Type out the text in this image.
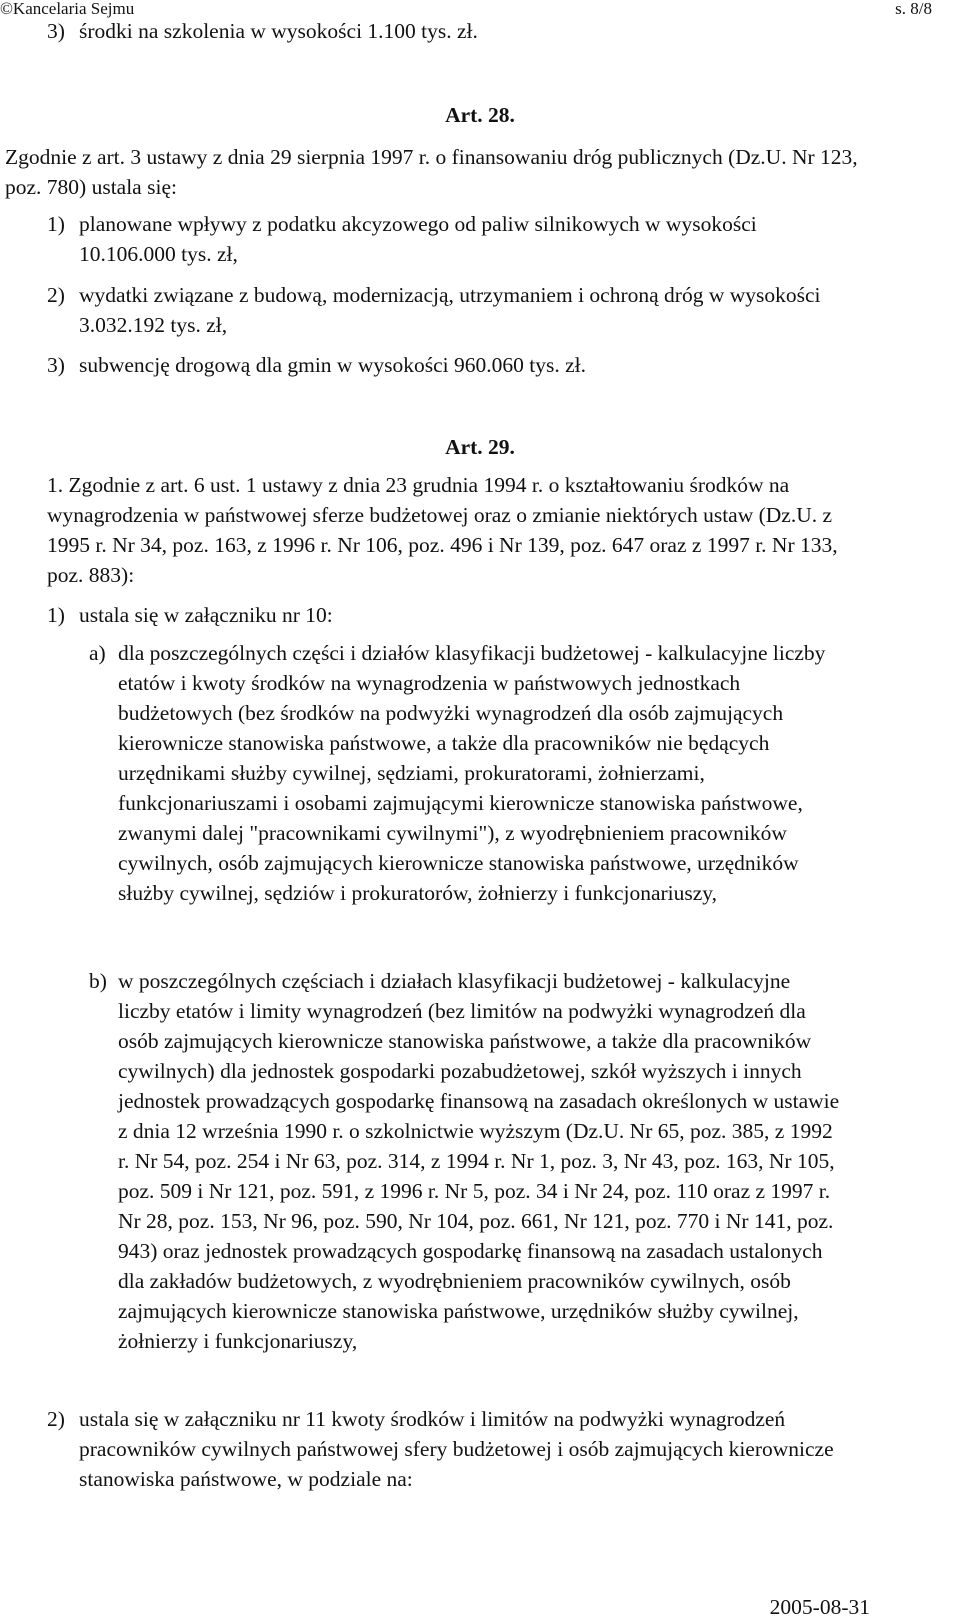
©Kancelaria Sejmu	s. 8/8
3) środki na szkolenia w wysokości 1.100 tys. zł.
Art. 28.
Zgodnie z art. 3 ustawy z dnia 29 sierpnia 1997 r. o finansowaniu dróg publicznych (Dz.U. Nr 123, poz. 780) ustala się:
1) planowane wpływy z podatku akcyzowego od paliw silnikowych w wysokości 10.106.000 tys. zł,
2) wydatki związane z budową, modernizacją, utrzymaniem i ochroną dróg w wysokości 3.032.192 tys. zł,
3) subwencję drogową dla gmin w wysokości 960.060 tys. zł.
Art. 29.
1. Zgodnie z art. 6 ust. 1 ustawy z dnia 23 grudnia 1994 r. o kształtowaniu środków na wynagrodzenia w państwowej sferze budżetowej oraz o zmianie niektórych ustaw (Dz.U. z 1995 r. Nr 34, poz. 163, z 1996 r. Nr 106, poz. 496 i Nr 139, poz. 647 oraz z 1997 r. Nr 133, poz. 883):
1) ustala się w załączniku nr 10:
a) dla poszczególnych części i działów klasyfikacji budżetowej - kalkulacyjne liczby etatów i kwoty środków na wynagrodzenia w państwowych jednostkach budżetowych (bez środków na podwyżki wynagrodzeń dla osób zajmujących kierownicze stanowiska państwowe, a także dla pracowników nie będących urzędnikami służby cywilnej, sędziami, prokuratorami, żołnierzami, funkcjonariuszami i osobami zajmującymi kierownicze stanowiska państwowe, zwanymi dalej "pracownikami cywilnymi"), z wyodrębnieniem pracowników cywilnych, osób zajmujących kierownicze stanowiska państwowe, urzędników służby cywilnej, sędziów i prokuratorów, żołnierzy i funkcjonariuszy,
b) w poszczególnych częściach i działach klasyfikacji budżetowej - kalkulacyjne liczby etatów i limity wynagrodzeń (bez limitów na podwyżki wynagrodzeń dla osób zajmujących kierownicze stanowiska państwowe, a także dla pracowników cywilnych) dla jednostek gospodarki pozabudżetowej, szkół wyższych i innych jednostek prowadzących gospodarkę finansową na zasadach określonych w ustawie z dnia 12 września 1990 r. o szkolnictwie wyższym (Dz.U. Nr 65, poz. 385, z 1992 r. Nr 54, poz. 254 i Nr 63, poz. 314, z 1994 r. Nr 1, poz. 3, Nr 43, poz. 163, Nr 105, poz. 509 i Nr 121, poz. 591, z 1996 r. Nr 5, poz. 34 i Nr 24, poz. 110 oraz z 1997 r. Nr 28, poz. 153, Nr 96, poz. 590, Nr 104, poz. 661, Nr 121, poz. 770 i Nr 141, poz. 943) oraz jednostek prowadzących gospodarkę finansową na zasadach ustalonych dla zakładów budżetowych, z wyodrębnieniem pracowników cywilnych, osób zajmujących kierownicze stanowiska państwowe, urzędników służby cywilnej, żołnierzy i funkcjonariuszy,
2) ustala się w załączniku nr 11 kwoty środków i limitów na podwyżki wynagrodzeń pracowników cywilnych państwowej sfery budżetowej i osób zajmujących kierownicze stanowiska państwowe, w podziale na:
2005-08-31
